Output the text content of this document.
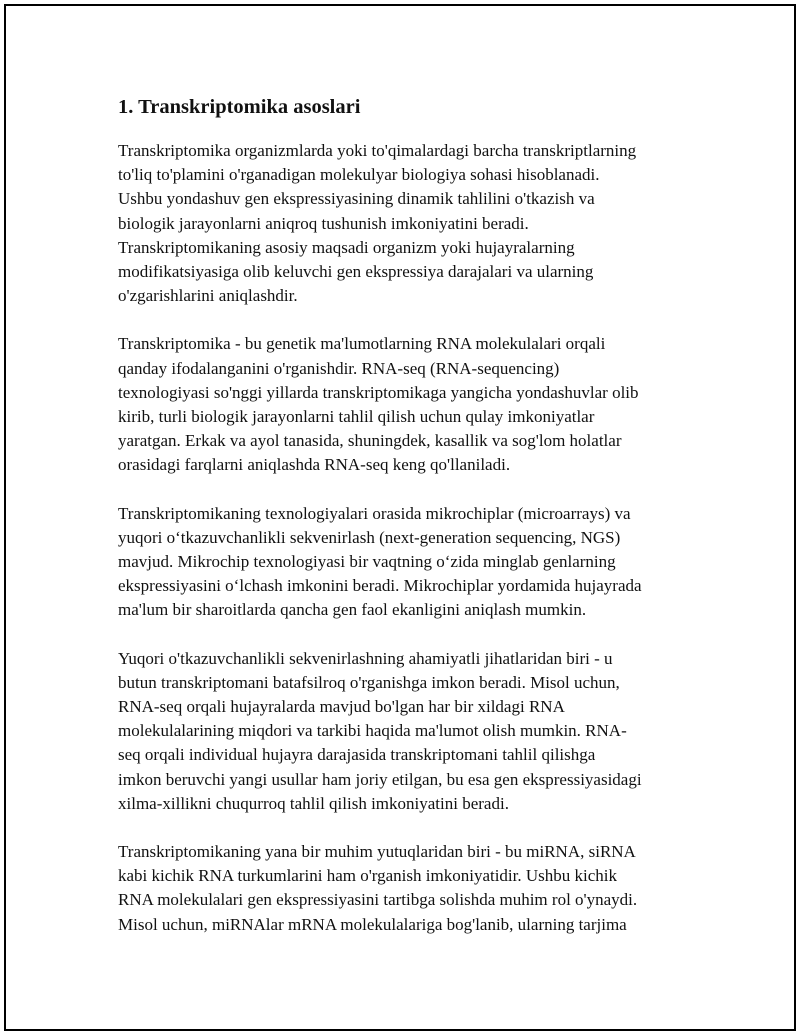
1. Transkriptomika asoslari

Transkriptomika organizmlarda yoki to'qimalardagi barcha transkriptlarning
to'liq to'plamini o'rganadigan molekulyar biologiya sohasi hisoblanadi.
Ushbu yondashuv gen ekspressiyasining dinamik tahlilini o'tkazish va
biologik jarayonlarni aniqroq tushunish imkoniyatini beradi.
Transkriptomikaning asosiy maqsadi organizm yoki hujayralarning
modifikatsiyasiga olib keluvchi gen ekspressiya darajalari va ularning
o'zgarishlarini aniqlashdir.

Transkriptomika - bu genetik ma'lumotlarning RNA molekulalari orqali
qanday ifodalanganini o'rganishdir. RNA-seq (RNA-sequencing)
texnologiyasi so'nggi yillarda transkriptomikaga yangicha yondashuvlar olib
kirib, turli biologik jarayonlarni tahlil qilish uchun qulay imkoniyatlar
yaratgan. Erkak va ayol tanasida, shuningdek, kasallik va sog'lom holatlar
orasidagi farqlarni aniqlashda RNA-seq keng qo'llaniladi.

Transkriptomikaning texnologiyalari orasida mikrochiplar (microarrays) va
yuqori o‘tkazuvchanlikli sekvenirlash (next-generation sequencing, NGS)
mavjud. Mikrochip texnologiyasi bir vaqtning o‘zida minglab genlarning
ekspressiyasini o‘lchash imkonini beradi. Mikrochiplar yordamida hujayrada
ma'lum bir sharoitlarda qancha gen faol ekanligini aniqlash mumkin.

Yuqori o'tkazuvchanlikli sekvenirlashning ahamiyatli jihatlaridan biri - u
butun transkriptomani batafsilroq o'rganishga imkon beradi. Misol uchun,
RNA-seq orqali hujayralarda mavjud bo'lgan har bir xildagi RNA
molekulalarining miqdori va tarkibi haqida ma'lumot olish mumkin. RNA-
seq orqali individual hujayra darajasida transkriptomani tahlil qilishga
imkon beruvchi yangi usullar ham joriy etilgan, bu esa gen ekspressiyasidagi
xilma-xillikni chuqurroq tahlil qilish imkoniyatini beradi.

Transkriptomikaning yana bir muhim yutuqlaridan biri - bu miRNA, siRNA
kabi kichik RNA turkumlarini ham o'rganish imkoniyatidir. Ushbu kichik
RNA molekulalari gen ekspressiyasini tartibga solishda muhim rol o'ynaydi.
Misol uchun, miRNAlar mRNA molekulalariga bog'lanib, ularning tarjima
